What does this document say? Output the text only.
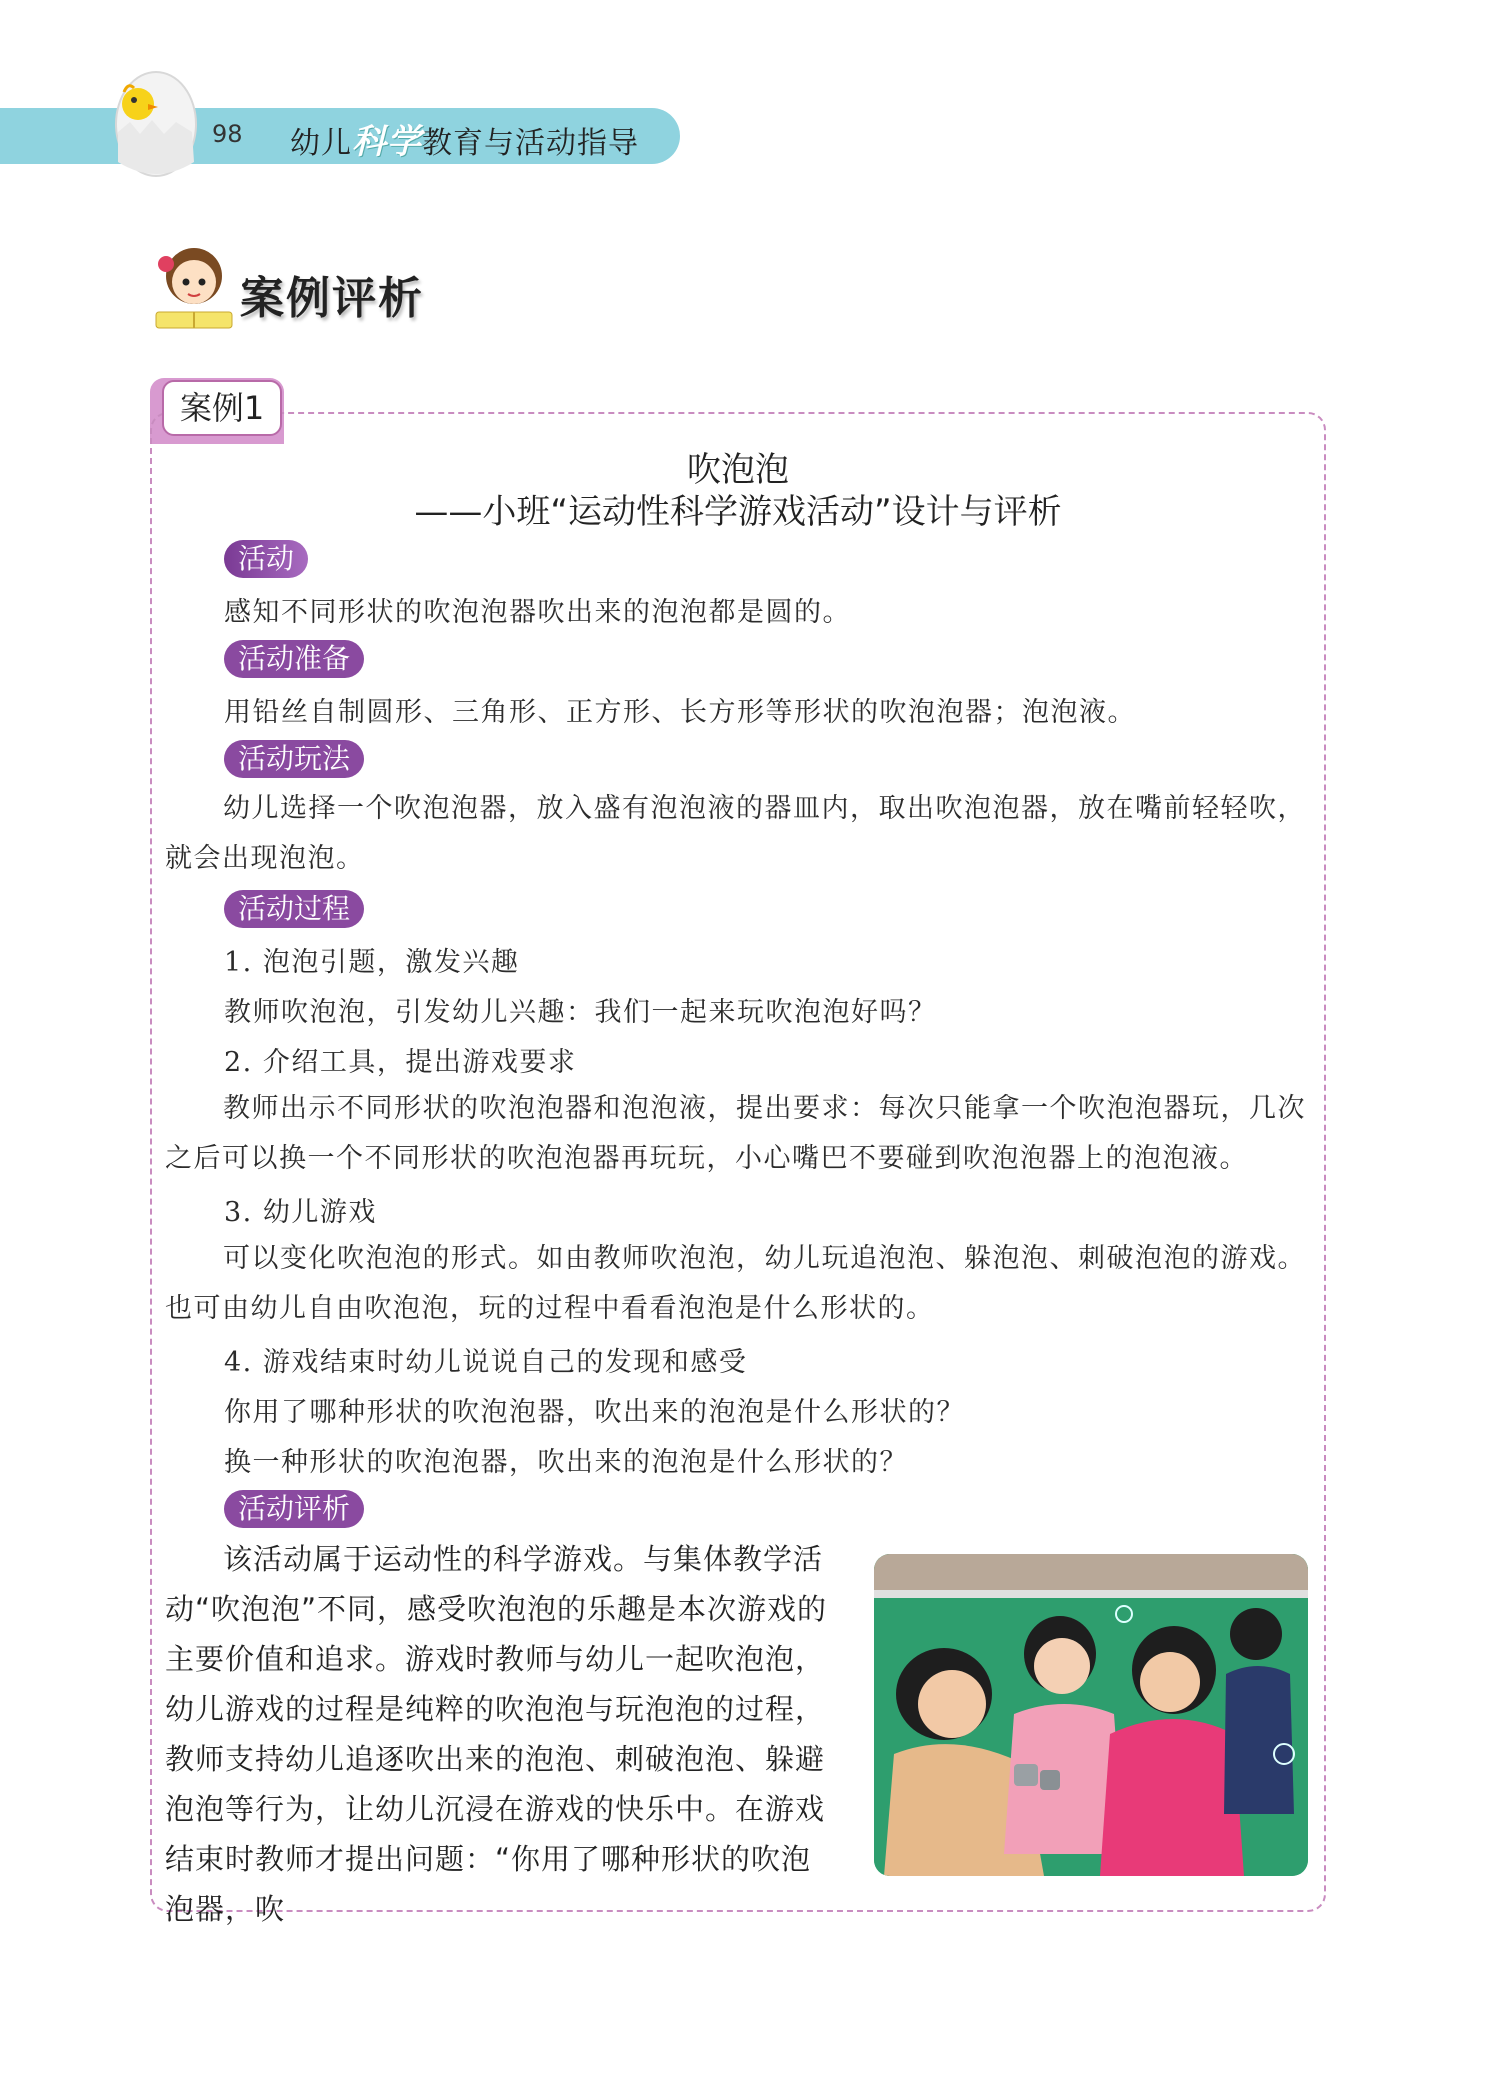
98 幼儿科学教育与活动指导
案例评析
案例1
吹泡泡
——小班“运动性科学游戏活动”设计与评析
活动
感知不同形状的吹泡泡器吹出来的泡泡都是圆的。
活动准备
用铅丝自制圆形、三角形、正方形、长方形等形状的吹泡泡器；泡泡液。
活动玩法
幼儿选择一个吹泡泡器，放入盛有泡泡液的器皿内，取出吹泡泡器，放在嘴前轻轻吹，就会出现泡泡。
活动过程
1. 泡泡引题，激发兴趣
教师吹泡泡，引发幼儿兴趣：我们一起来玩吹泡泡好吗？
2. 介绍工具，提出游戏要求
教师出示不同形状的吹泡泡器和泡泡液，提出要求：每次只能拿一个吹泡泡器玩，几次之后可以换一个不同形状的吹泡泡器再玩玩，小心嘴巴不要碰到吹泡泡器上的泡泡液。
3. 幼儿游戏
可以变化吹泡泡的形式。如由教师吹泡泡，幼儿玩追泡泡、躲泡泡、刺破泡泡的游戏。也可由幼儿自由吹泡泡，玩的过程中看看泡泡是什么形状的。
4. 游戏结束时幼儿说说自己的发现和感受
你用了哪种形状的吹泡泡器，吹出来的泡泡是什么形状的？
换一种形状的吹泡泡器，吹出来的泡泡是什么形状的？
活动评析
该活动属于运动性的科学游戏。与集体教学活动“吹泡泡”不同，感受吹泡泡的乐趣是本次游戏的主要价值和追求。游戏时教师与幼儿一起吹泡泡，幼儿游戏的过程是纯粹的吹泡泡与玩泡泡的过程，教师支持幼儿追逐吹出来的泡泡、刺破泡泡、躲避泡泡等行为，让幼儿沉浸在游戏的快乐中。在游戏结束时教师才提出问题：“你用了哪种形状的吹泡泡器，吹
